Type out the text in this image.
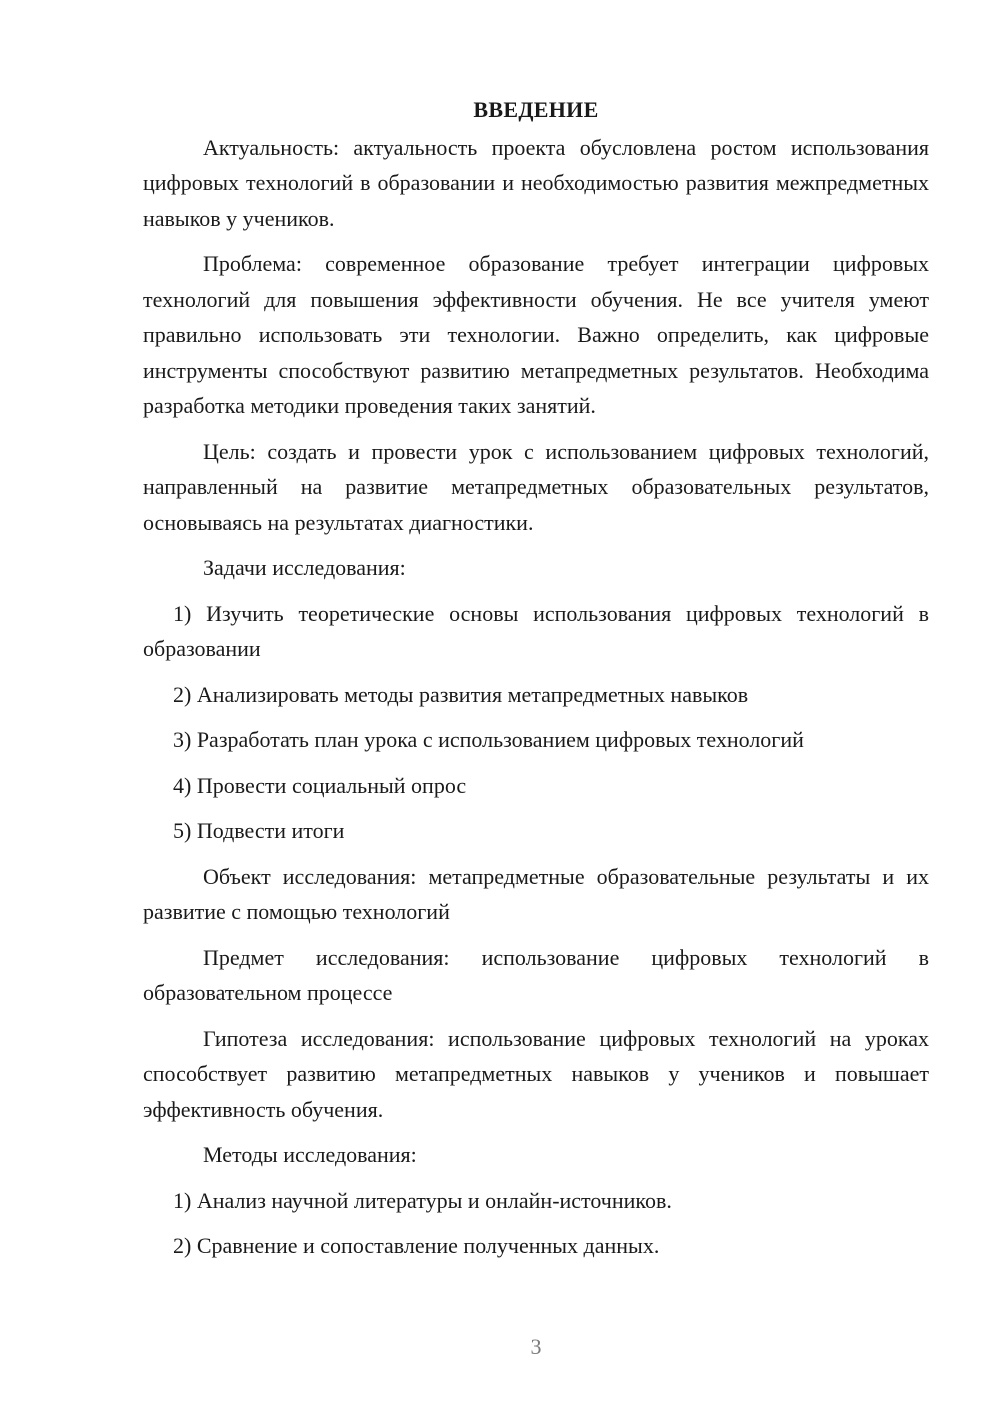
ВВЕДЕНИЕ

Актуальность: актуальность проекта обусловлена ростом использования цифровых технологий в образовании и необходимостью развития межпредметных навыков у учеников.

Проблема: современное образование требует интеграции цифровых технологий для повышения эффективности обучения. Не все учителя умеют правильно использовать эти технологии. Важно определить, как цифровые инструменты способствуют развитию метапредметных результатов. Необходима разработка методики проведения таких занятий.

Цель: создать и провести урок с использованием цифровых технологий, направленный на развитие метапредметных образовательных результатов, основываясь на результатах диагностики.

Задачи исследования:

1) Изучить теоретические основы использования цифровых технологий в образовании

2) Анализировать методы развития метапредметных навыков

3) Разработать план урока с использованием цифровых технологий

4) Провести социальный опрос

5) Подвести итоги

Объект исследования: метапредметные образовательные результаты и их развитие с помощью технологий

Предмет исследования: использование цифровых технологий в образовательном процессе

Гипотеза исследования: использование цифровых технологий на уроках способствует развитию метапредметных навыков у учеников и повышает эффективность обучения.

Методы исследования:

1) Анализ научной литературы и онлайн-источников.

2) Сравнение и сопоставление полученных данных.

3
